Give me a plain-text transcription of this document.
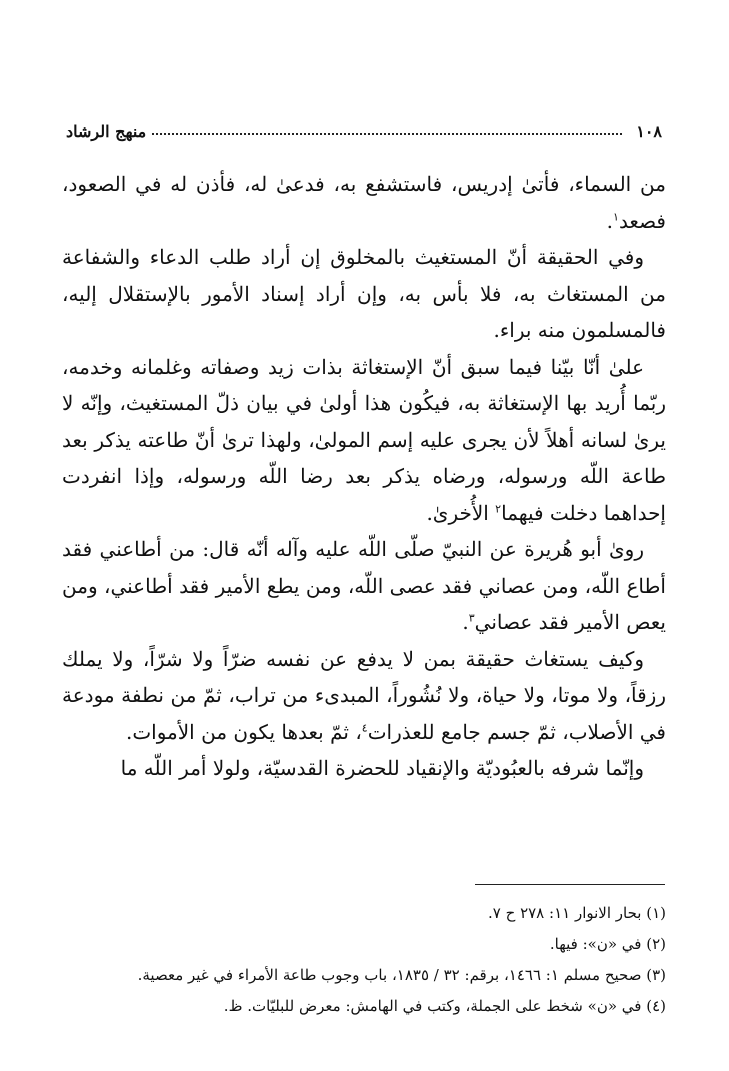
١٠٨
منهج الرشاد

من السماء، فأتىٰ إدريس، فاستشفع به، فدعىٰ له، فأذن له في الصعود، فصعد$^١$.

وفي الحقيقة أنّ المستغيث بالمخلوق إن أراد طلب الدعاء والشفاعة من المستغاث به، فلا بأس به، وإن أراد إسناد الأمور بالإستقلال إليه، فالمسلمون منه براء.

علىٰ أنّا بيّنا فيما سبق أنّ الإستغاثة بذات زيد وصفاته وغلمانه وخدمه، ربّما أُريد بها الإستغاثة به، فيكُون هذا أولىٰ في بيان ذلّ المستغيث، وإنّه لا يرىٰ لسانه أهلاً لأن يجرى عليه إسم المولىٰ، ولهذا ترىٰ أنّ طاعته يذكر بعد طاعة اللّه ورسوله، ورضاه يذكر بعد رضا اللّه ورسوله، وإذا انفردت إحداهما دخلت فيهما$^٢$ الأُخرىٰ.

روىٰ أبو هُريرة عن النبيّ صلّى اللّه عليه وآله أنّه قال: من أطاعني فقد أطاع اللّه، ومن عصاني فقد عصى اللّه، ومن يطع الأمير فقد أطاعني، ومن يعص الأمير فقد عصاني$^٣$.

وكيف يستغاث حقيقة بمن لا يدفع عن نفسه ضرّاً ولا شرّاً، ولا يملك رزقاً، ولا موتا، ولا حياة، ولا نُشُوراً، المبدىء من تراب، ثمّ من نطفة مودعة في الأصلاب، ثمّ جسم جامع للعذرات$^٤$، ثمّ بعدها يكون من الأموات.

وإنّما شرفه بالعبُوديّة والإنقياد للحضرة القدسيّة، ولولا أمر اللّه ما

(١) بحار الانوار ١١: ٢٧٨ ح ٧.
(٢) في «ن»: فيها.
(٣) صحيح مسلم ١: ١٤٦٦، برقم: ٣٢ / ١٨٣٥، باب وجوب طاعة الأمراء في غير معصية.
(٤) في «ن» شخط على الجملة، وكتب في الهامش: معرض للبليّات. ظ.
